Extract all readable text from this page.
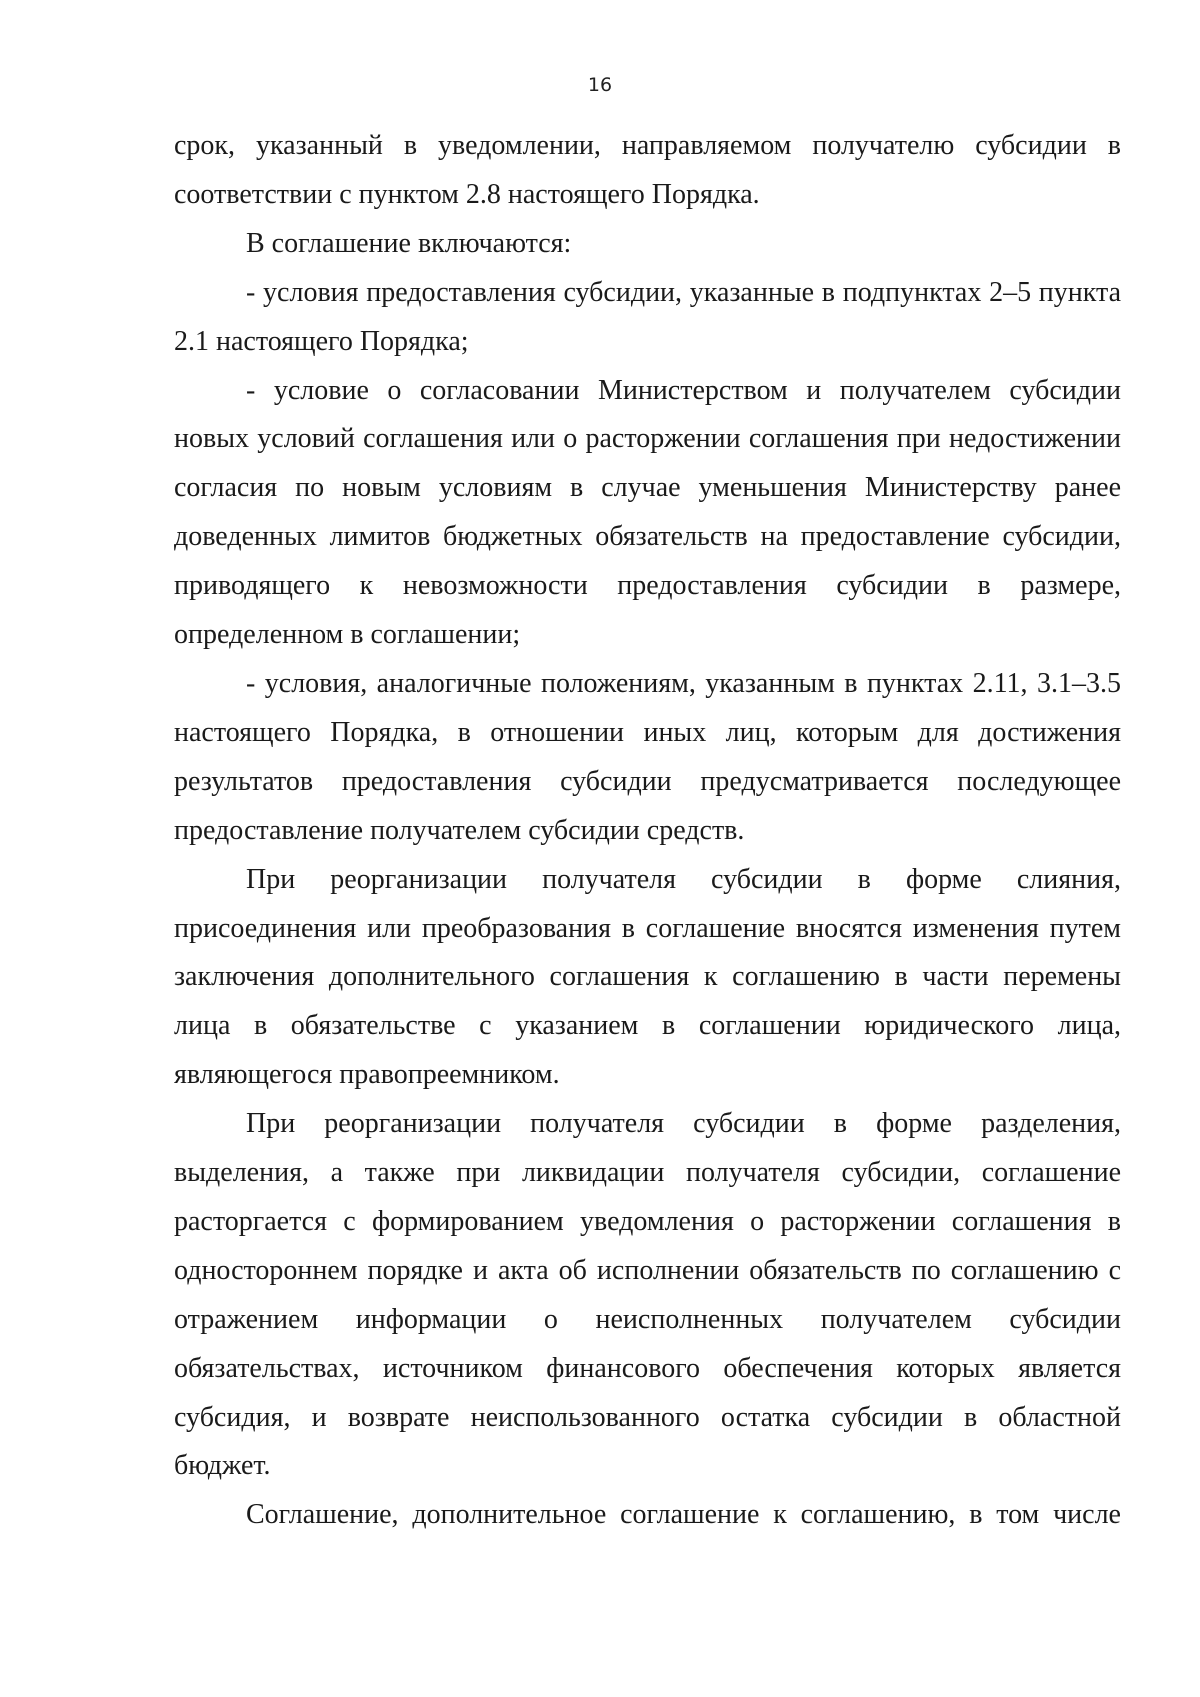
16

срок, указанный в уведомлении, направляемом получателю субсидии в соответствии с пунктом 2.8 настоящего Порядка.

В соглашение включаются:

- условия предоставления субсидии, указанные в подпунктах 2–5 пункта 2.1 настоящего Порядка;

- условие о согласовании Министерством и получателем субсидии новых условий соглашения или о расторжении соглашения при недостижении согласия по новым условиям в случае уменьшения Министерству ранее доведенных лимитов бюджетных обязательств на предоставление субсидии, приводящего к невозможности предоставления субсидии в размере, определенном в соглашении;

- условия, аналогичные положениям, указанным в пунктах 2.11, 3.1–3.5 настоящего Порядка, в отношении иных лиц, которым для достижения результатов предоставления субсидии предусматривается последующее предоставление получателем субсидии средств.

При реорганизации получателя субсидии в форме слияния, присоединения или преобразования в соглашение вносятся изменения путем заключения дополнительного соглашения к соглашению в части перемены лица в обязательстве с указанием в соглашении юридического лица, являющегося правопреемником.

При реорганизации получателя субсидии в форме разделения, выделения, а также при ликвидации получателя субсидии, соглашение расторгается с формированием уведомления о расторжении соглашения в одностороннем порядке и акта об исполнении обязательств по соглашению с отражением информации о неисполненных получателем субсидии обязательствах, источником финансового обеспечения которых является субсидия, и возврате неиспользованного остатка субсидии в областной бюджет.

Соглашение, дополнительное соглашение к соглашению, в том числе
